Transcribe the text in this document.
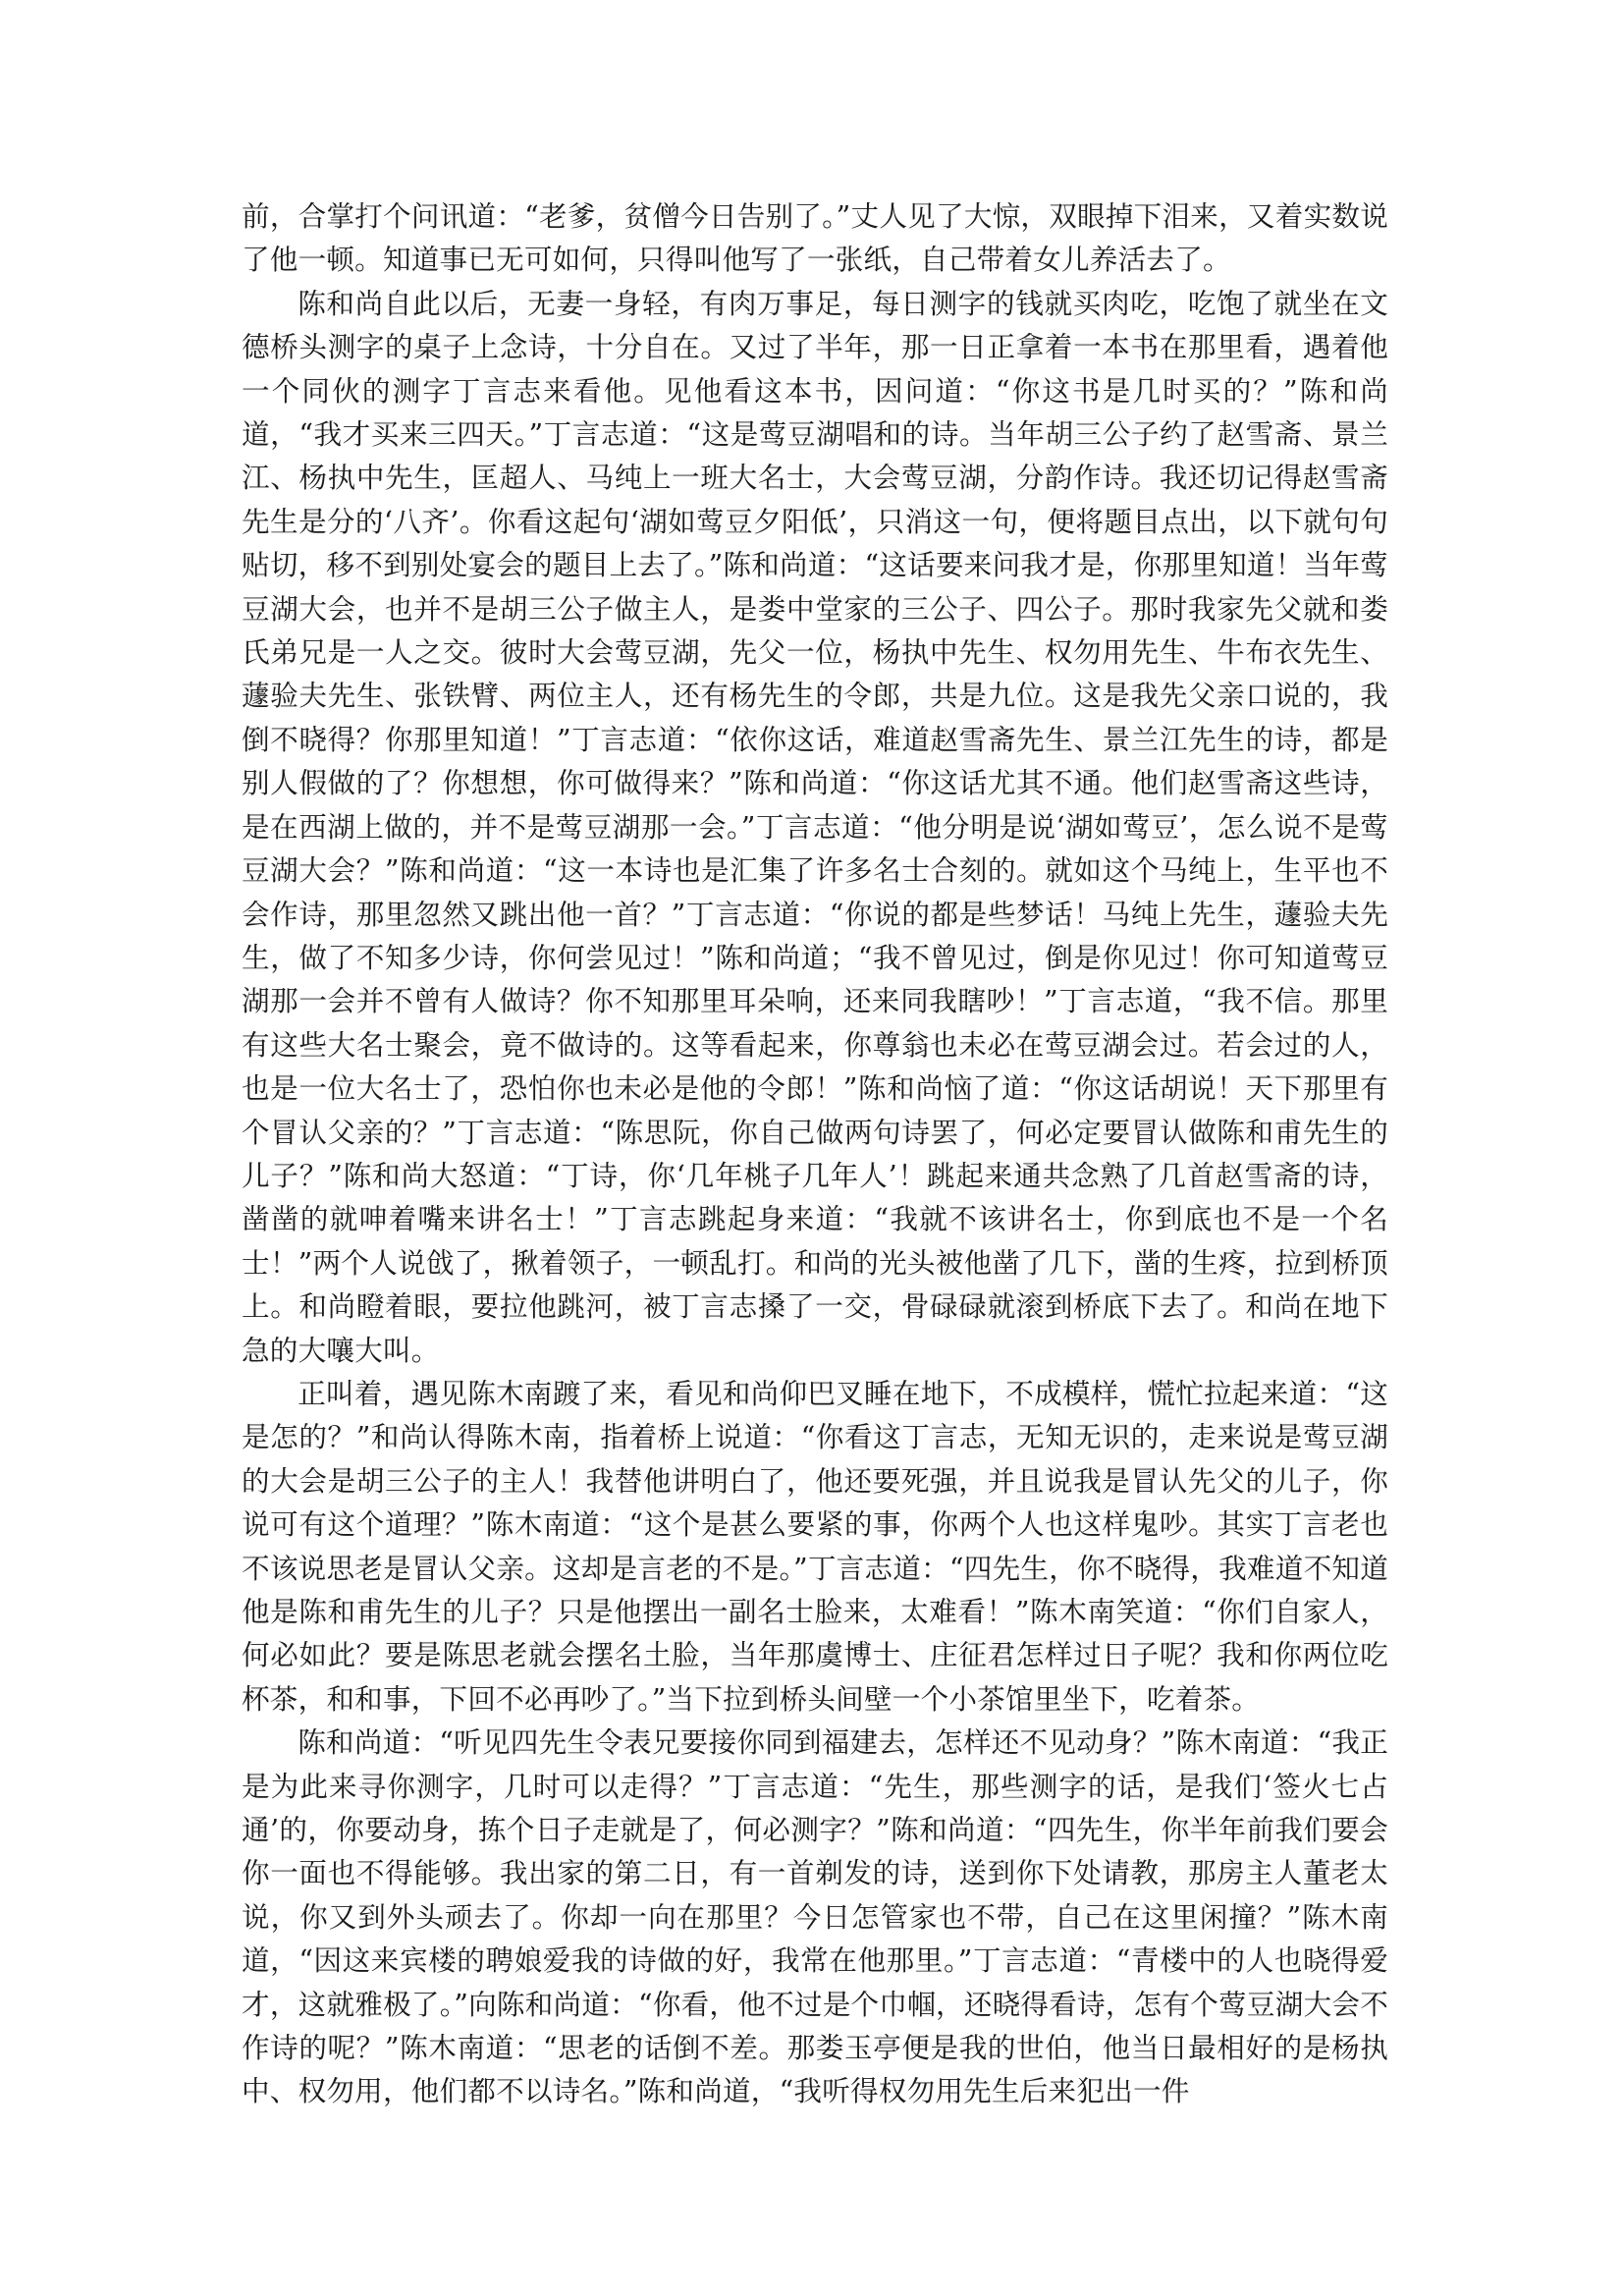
前，合掌打个问讯道：“老爹，贫僧今日告别了。”丈人见了大惊，双眼掉下泪来，又着实数说了他一顿。知道事已无可如何，只得叫他写了一张纸，自己带着女儿养活去了。

陈和尚自此以后，无妻一身轻，有肉万事足，每日测字的钱就买肉吃，吃饱了就坐在文德桥头测字的桌子上念诗，十分自在。又过了半年，那一日正拿着一本书在那里看，遇着他一个同伙的测字丁言志来看他。见他看这本书，因问道：“你这书是几时买的？”陈和尚道，“我才买来三四天。”丁言志道：“这是莺豆湖唱和的诗。当年胡三公子约了赵雪斋、景兰江、杨执中先生，匡超人、马纯上一班大名士，大会莺豆湖，分韵作诗。我还切记得赵雪斋先生是分的‘八齐’。你看这起句‘湖如莺豆夕阳低’，只消这一句，便将题目点出，以下就句句贴切，移不到别处宴会的题目上去了。”陈和尚道：“这话要来问我才是，你那里知道！当年莺豆湖大会，也并不是胡三公子做主人，是娄中堂家的三公子、四公子。那时我家先父就和娄氏弟兄是一人之交。彼时大会莺豆湖，先父一位，杨执中先生、权勿用先生、牛布衣先生、蘧验夫先生、张铁臂、两位主人，还有杨先生的令郎，共是九位。这是我先父亲口说的，我倒不晓得？你那里知道！”丁言志道：“依你这话，难道赵雪斋先生、景兰江先生的诗，都是别人假做的了？你想想，你可做得来？”陈和尚道：“你这话尤其不通。他们赵雪斋这些诗，是在西湖上做的，并不是莺豆湖那一会。”丁言志道：“他分明是说‘湖如莺豆’，怎么说不是莺豆湖大会？”陈和尚道：“这一本诗也是汇集了许多名士合刻的。就如这个马纯上，生平也不会作诗，那里忽然又跳出他一首？”丁言志道：“你说的都是些梦话！马纯上先生，蘧验夫先生，做了不知多少诗，你何尝见过！”陈和尚道；“我不曾见过，倒是你见过！你可知道莺豆湖那一会并不曾有人做诗？你不知那里耳朵响，还来同我瞎吵！”丁言志道，“我不信。那里有这些大名士聚会，竟不做诗的。这等看起来，你尊翁也未必在莺豆湖会过。若会过的人，也是一位大名士了，恐怕你也未必是他的令郎！”陈和尚恼了道：“你这话胡说！天下那里有个冒认父亲的？”丁言志道：“陈思阮，你自己做两句诗罢了，何必定要冒认做陈和甫先生的儿子？”陈和尚大怒道：“丁诗，你‘几年桃子几年人’！跳起来通共念熟了几首赵雪斋的诗，凿凿的就呻着嘴来讲名士！”丁言志跳起身来道：“我就不该讲名士，你到底也不是一个名士！”两个人说戗了，揪着领子，一顿乱打。和尚的光头被他凿了几下，凿的生疼，拉到桥顶上。和尚瞪着眼，要拉他跳河，被丁言志搡了一交，骨碌碌就滚到桥底下去了。和尚在地下急的大嚷大叫。

正叫着，遇见陈木南踱了来，看见和尚仰巴叉睡在地下，不成模样，慌忙拉起来道：“这是怎的？”和尚认得陈木南，指着桥上说道：“你看这丁言志，无知无识的，走来说是莺豆湖的大会是胡三公子的主人！我替他讲明白了，他还要死强，并且说我是冒认先父的儿子，你说可有这个道理？”陈木南道：“这个是甚么要紧的事，你两个人也这样鬼吵。其实丁言老也不该说思老是冒认父亲。这却是言老的不是。”丁言志道：“四先生，你不晓得，我难道不知道他是陈和甫先生的儿子？只是他摆出一副名士脸来，太难看！”陈木南笑道：“你们自家人，何必如此？要是陈思老就会摆名土脸，当年那虞博士、庄征君怎样过日子呢？我和你两位吃杯茶，和和事，下回不必再吵了。”当下拉到桥头间壁一个小茶馆里坐下，吃着茶。

陈和尚道：“听见四先生令表兄要接你同到福建去，怎样还不见动身？”陈木南道：“我正是为此来寻你测字，几时可以走得？”丁言志道：“先生，那些测字的话，是我们‘签火七占通’的，你要动身，拣个日子走就是了，何必测字？”陈和尚道：“四先生，你半年前我们要会你一面也不得能够。我出家的第二日，有一首剃发的诗，送到你下处请教，那房主人董老太说，你又到外头顽去了。你却一向在那里？今日怎管家也不带，自己在这里闲撞？”陈木南道，“因这来宾楼的聘娘爱我的诗做的好，我常在他那里。”丁言志道：“青楼中的人也晓得爱才，这就雅极了。”向陈和尚道：“你看，他不过是个巾帼，还晓得看诗，怎有个莺豆湖大会不作诗的呢？”陈木南道：“思老的话倒不差。那娄玉亭便是我的世伯，他当日最相好的是杨执中、权勿用，他们都不以诗名。”陈和尚道，“我听得权勿用先生后来犯出一件
